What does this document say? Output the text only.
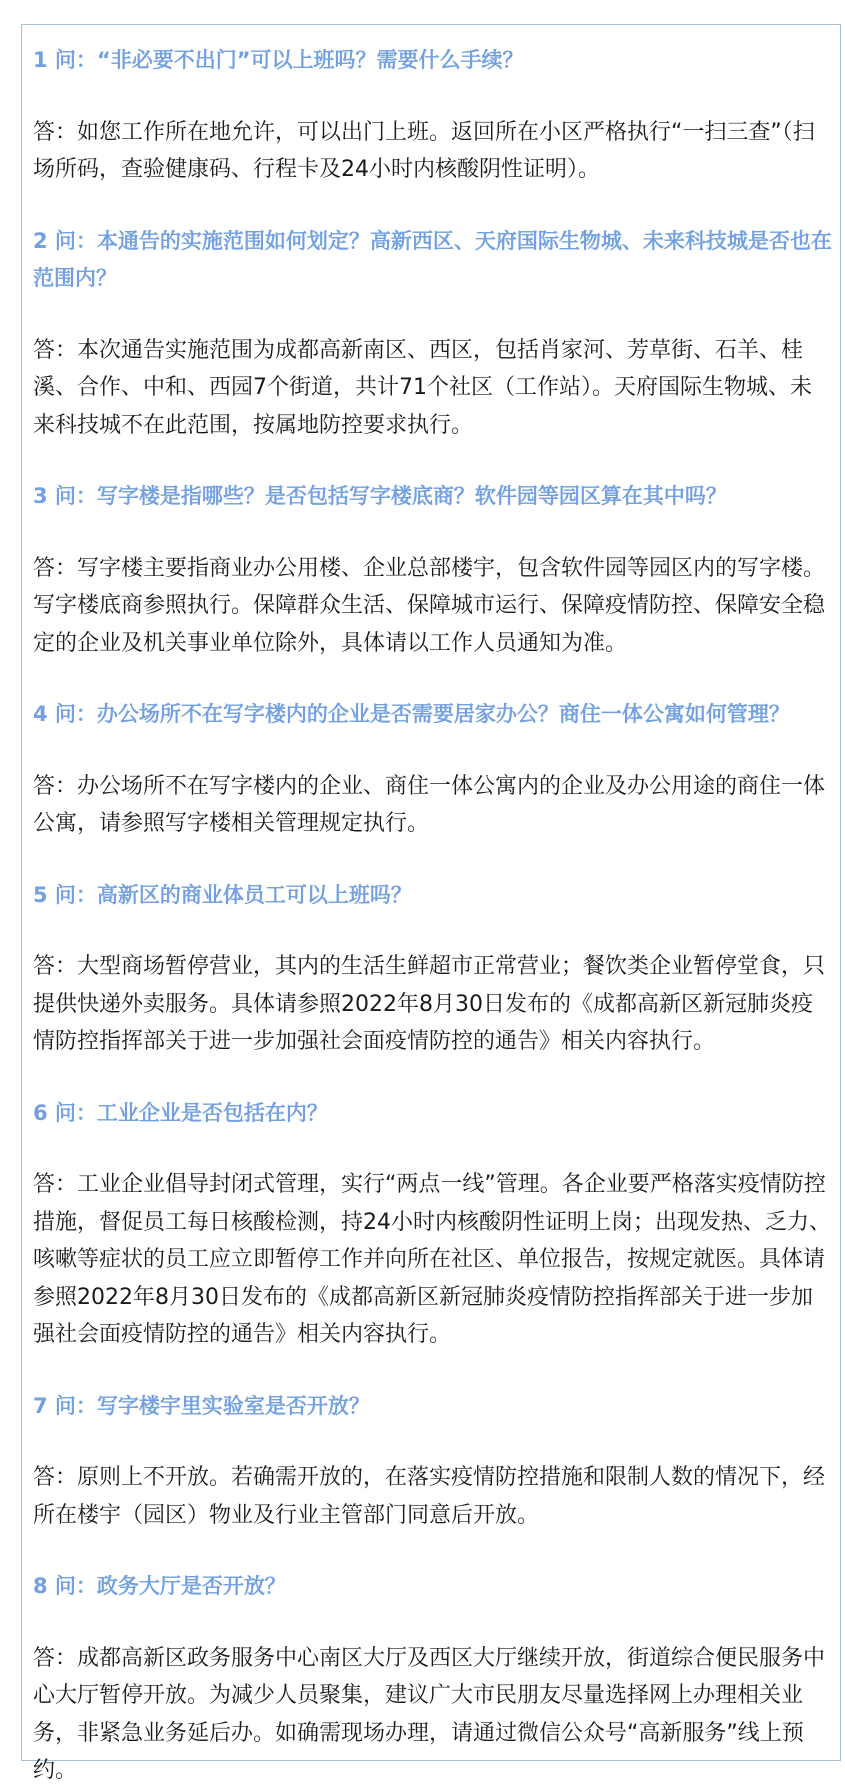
1 问：“非必要不出门”可以上班吗？需要什么手续？

答：如您工作所在地允许，可以出门上班。返回所在小区严格执行“一扫三查”（扫场所码，查验健康码、行程卡及24小时内核酸阴性证明）。

2 问：本通告的实施范围如何划定？高新西区、天府国际生物城、未来科技城是否也在范围内？

答：本次通告实施范围为成都高新南区、西区，包括肖家河、芳草街、石羊、桂溪、合作、中和、西园7个街道，共计71个社区（工作站）。天府国际生物城、未来科技城不在此范围，按属地防控要求执行。

3 问：写字楼是指哪些？是否包括写字楼底商？软件园等园区算在其中吗？

答：写字楼主要指商业办公用楼、企业总部楼宇，包含软件园等园区内的写字楼。写字楼底商参照执行。保障群众生活、保障城市运行、保障疫情防控、保障安全稳定的企业及机关事业单位除外，具体请以工作人员通知为准。

4 问：办公场所不在写字楼内的企业是否需要居家办公？商住一体公寓如何管理？

答：办公场所不在写字楼内的企业、商住一体公寓内的企业及办公用途的商住一体公寓，请参照写字楼相关管理规定执行。

5 问：高新区的商业体员工可以上班吗？

答：大型商场暂停营业，其内的生活生鲜超市正常营业；餐饮类企业暂停堂食，只提供快递外卖服务。具体请参照2022年8月30日发布的《成都高新区新冠肺炎疫情防控指挥部关于进一步加强社会面疫情防控的通告》相关内容执行。

6 问：工业企业是否包括在内？

答：工业企业倡导封闭式管理，实行“两点一线”管理。各企业要严格落实疫情防控措施，督促员工每日核酸检测，持24小时内核酸阴性证明上岗；出现发热、乏力、咳嗽等症状的员工应立即暂停工作并向所在社区、单位报告，按规定就医。具体请参照2022年8月30日发布的《成都高新区新冠肺炎疫情防控指挥部关于进一步加强社会面疫情防控的通告》相关内容执行。

7 问：写字楼宇里实验室是否开放？

答：原则上不开放。若确需开放的，在落实疫情防控措施和限制人数的情况下，经所在楼宇（园区）物业及行业主管部门同意后开放。

8 问：政务大厅是否开放？

答：成都高新区政务服务中心南区大厅及西区大厅继续开放，街道综合便民服务中心大厅暂停开放。为减少人员聚集，建议广大市民朋友尽量选择网上办理相关业务，非紧急业务延后办。如确需现场办理，请通过微信公众号“高新服务”线上预约。
